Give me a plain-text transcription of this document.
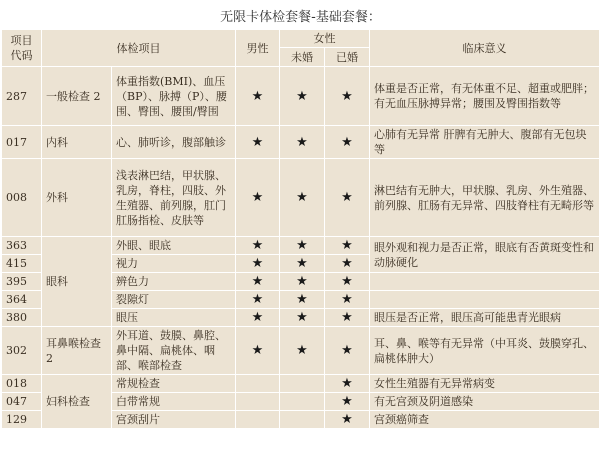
无限卡体检套餐-基础套餐：
项目代码	体检项目		男性	女性		临床意义
				未婚	已婚	
287	一般检查 2	体重指数(BMI)、血压（BP）、脉搏（P）、腰围、臀围、腰围/臀围	★	★	★	体重是否正常，有无体重不足、超重或肥胖；有无血压脉搏异常；腰围及臀围指数等
017	内科	心、肺听诊，腹部触诊	★	★	★	心肺有无异常 肝脾有无肿大、腹部有无包块等
008	外科	浅表淋巴结，甲状腺、乳房，脊柱，四肢、外生殖器、前列腺，肛门肛肠指检、皮肤等	★	★	★	淋巴结有无肿大，甲状腺、乳房、外生殖器、前列腺、肛肠有无异常、四肢脊柱有无畸形等
363	眼科	外眼、眼底	★	★	★	眼外观和视力是否正常，眼底有否黄斑变性和动脉硬化
415		视力	★	★	★	
395		辨色力	★	★	★	
364		裂隙灯	★	★	★	
380		眼压	★	★	★	眼压是否正常，眼压高可能患青光眼病
302	耳鼻喉检查 2	外耳道、鼓膜、鼻腔、鼻中隔、扁桃体、咽部、喉部检查	★	★	★	耳、鼻、喉等有无异常（中耳炎、鼓膜穿孔、扁桃体肿大）
018	妇科检查	常规检查			★	女性生殖器有无异常病变
047		白带常规			★	有无宫颈及阴道感染
129		宫颈刮片			★	宫颈癌筛查
